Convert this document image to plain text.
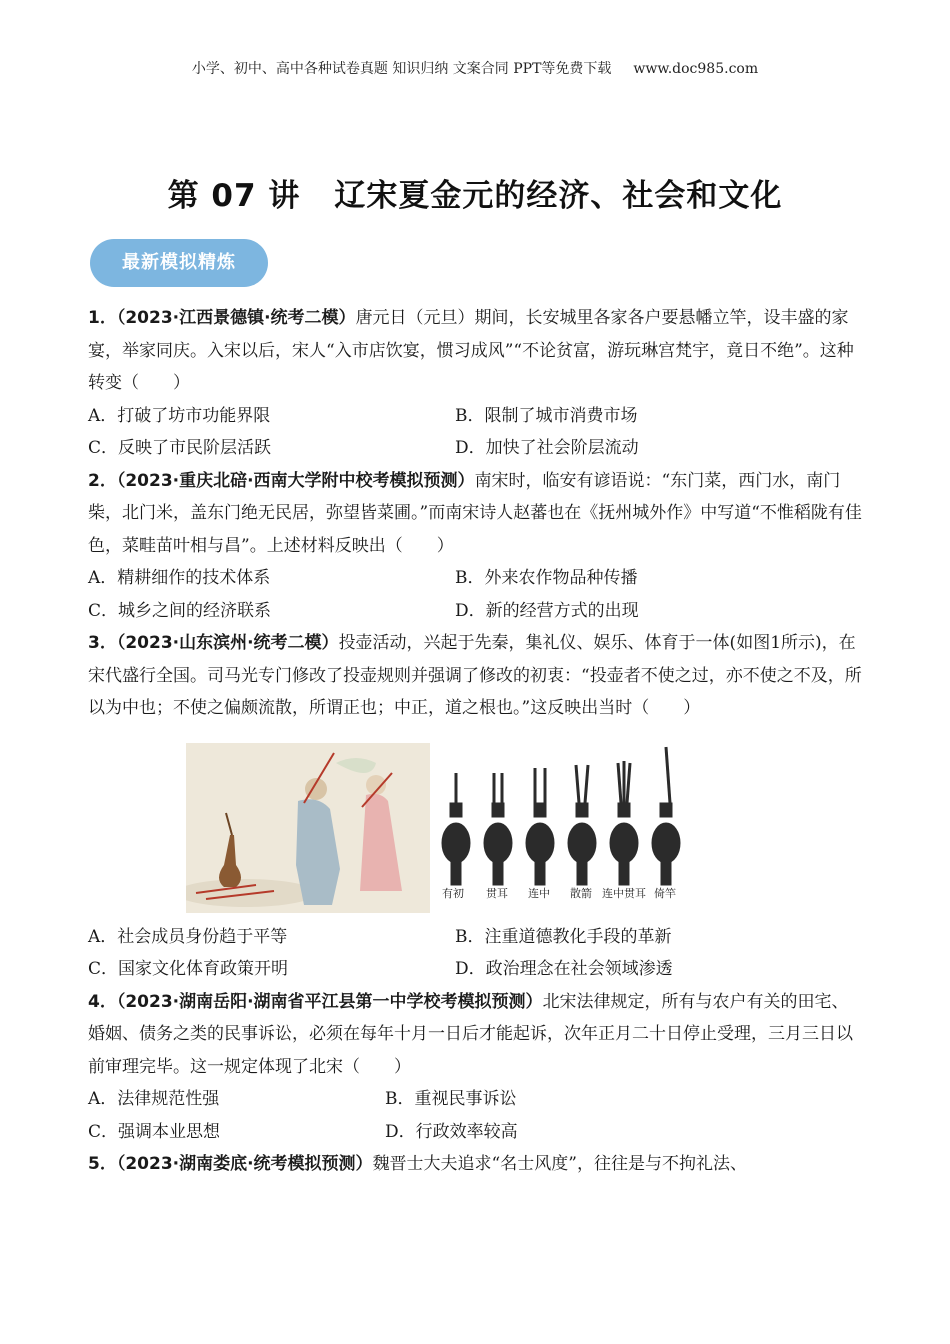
小学、初中、高中各种试卷真题 知识归纳 文案合同 PPT等免费下载 www.doc985.com
第 07 讲 辽宋夏金元的经济、社会和文化
最新模拟精炼

1．（2023·江西景德镇·统考二模）唐元日（元旦）期间，长安城里各家各户要悬幡立竿，设丰盛的家宴，举家同庆。入宋以后，宋人“入市店饮宴，惯习成风”“不论贫富，游玩琳宫梵宇，竟日不绝”。这种转变（　　）

A．打破了坊市功能界限	B．限制了城市消费市场
C．反映了市民阶层活跃	D．加快了社会阶层流动

2．（2023·重庆北碚·西南大学附中校考模拟预测）南宋时，临安有谚语说：“东门菜，西门水，南门柴，北门米，盖东门绝无民居，弥望皆菜圃。”而南宋诗人赵蕃也在《抚州城外作》中写道“不惟稻陇有佳色，菜畦苗叶相与昌”。上述材料反映出（　　）

A．精耕细作的技术体系	B．外来农作物品种传播
C．城乡之间的经济联系	D．新的经营方式的出现

3．（2023·山东滨州·统考二模）投壶活动，兴起于先秦，集礼仪、娱乐、体育于一体(如图1所示)，在宋代盛行全国。司马光专门修改了投壶规则并强调了修改的初衷：“投壶者不使之过，亦不使之不及，所以为中也；不使之偏颇流散，所谓正也；中正，道之根也。”这反映出当时（　　）

有初 贯耳 连中 散箭 连中贯耳 倚竿
A．社会成员身份趋于平等	B．注重道德教化手段的革新
C．国家文化体育政策开明	D．政治理念在社会领域渗透

4．（2023·湖南岳阳·湖南省平江县第一中学校考模拟预测）北宋法律规定，所有与农户有关的田宅、婚姻、债务之类的民事诉讼，必须在每年十月一日后才能起诉，次年正月二十日停止受理，三月三日以前审理完毕。这一规定体现了北宋（　　）

A．法律规范性强	B．重视民事诉讼
C．强调本业思想	D．行政效率较高

5．（2023·湖南娄底·统考模拟预测）魏晋士大夫追求“名士风度”，往往是与不拘礼法、
